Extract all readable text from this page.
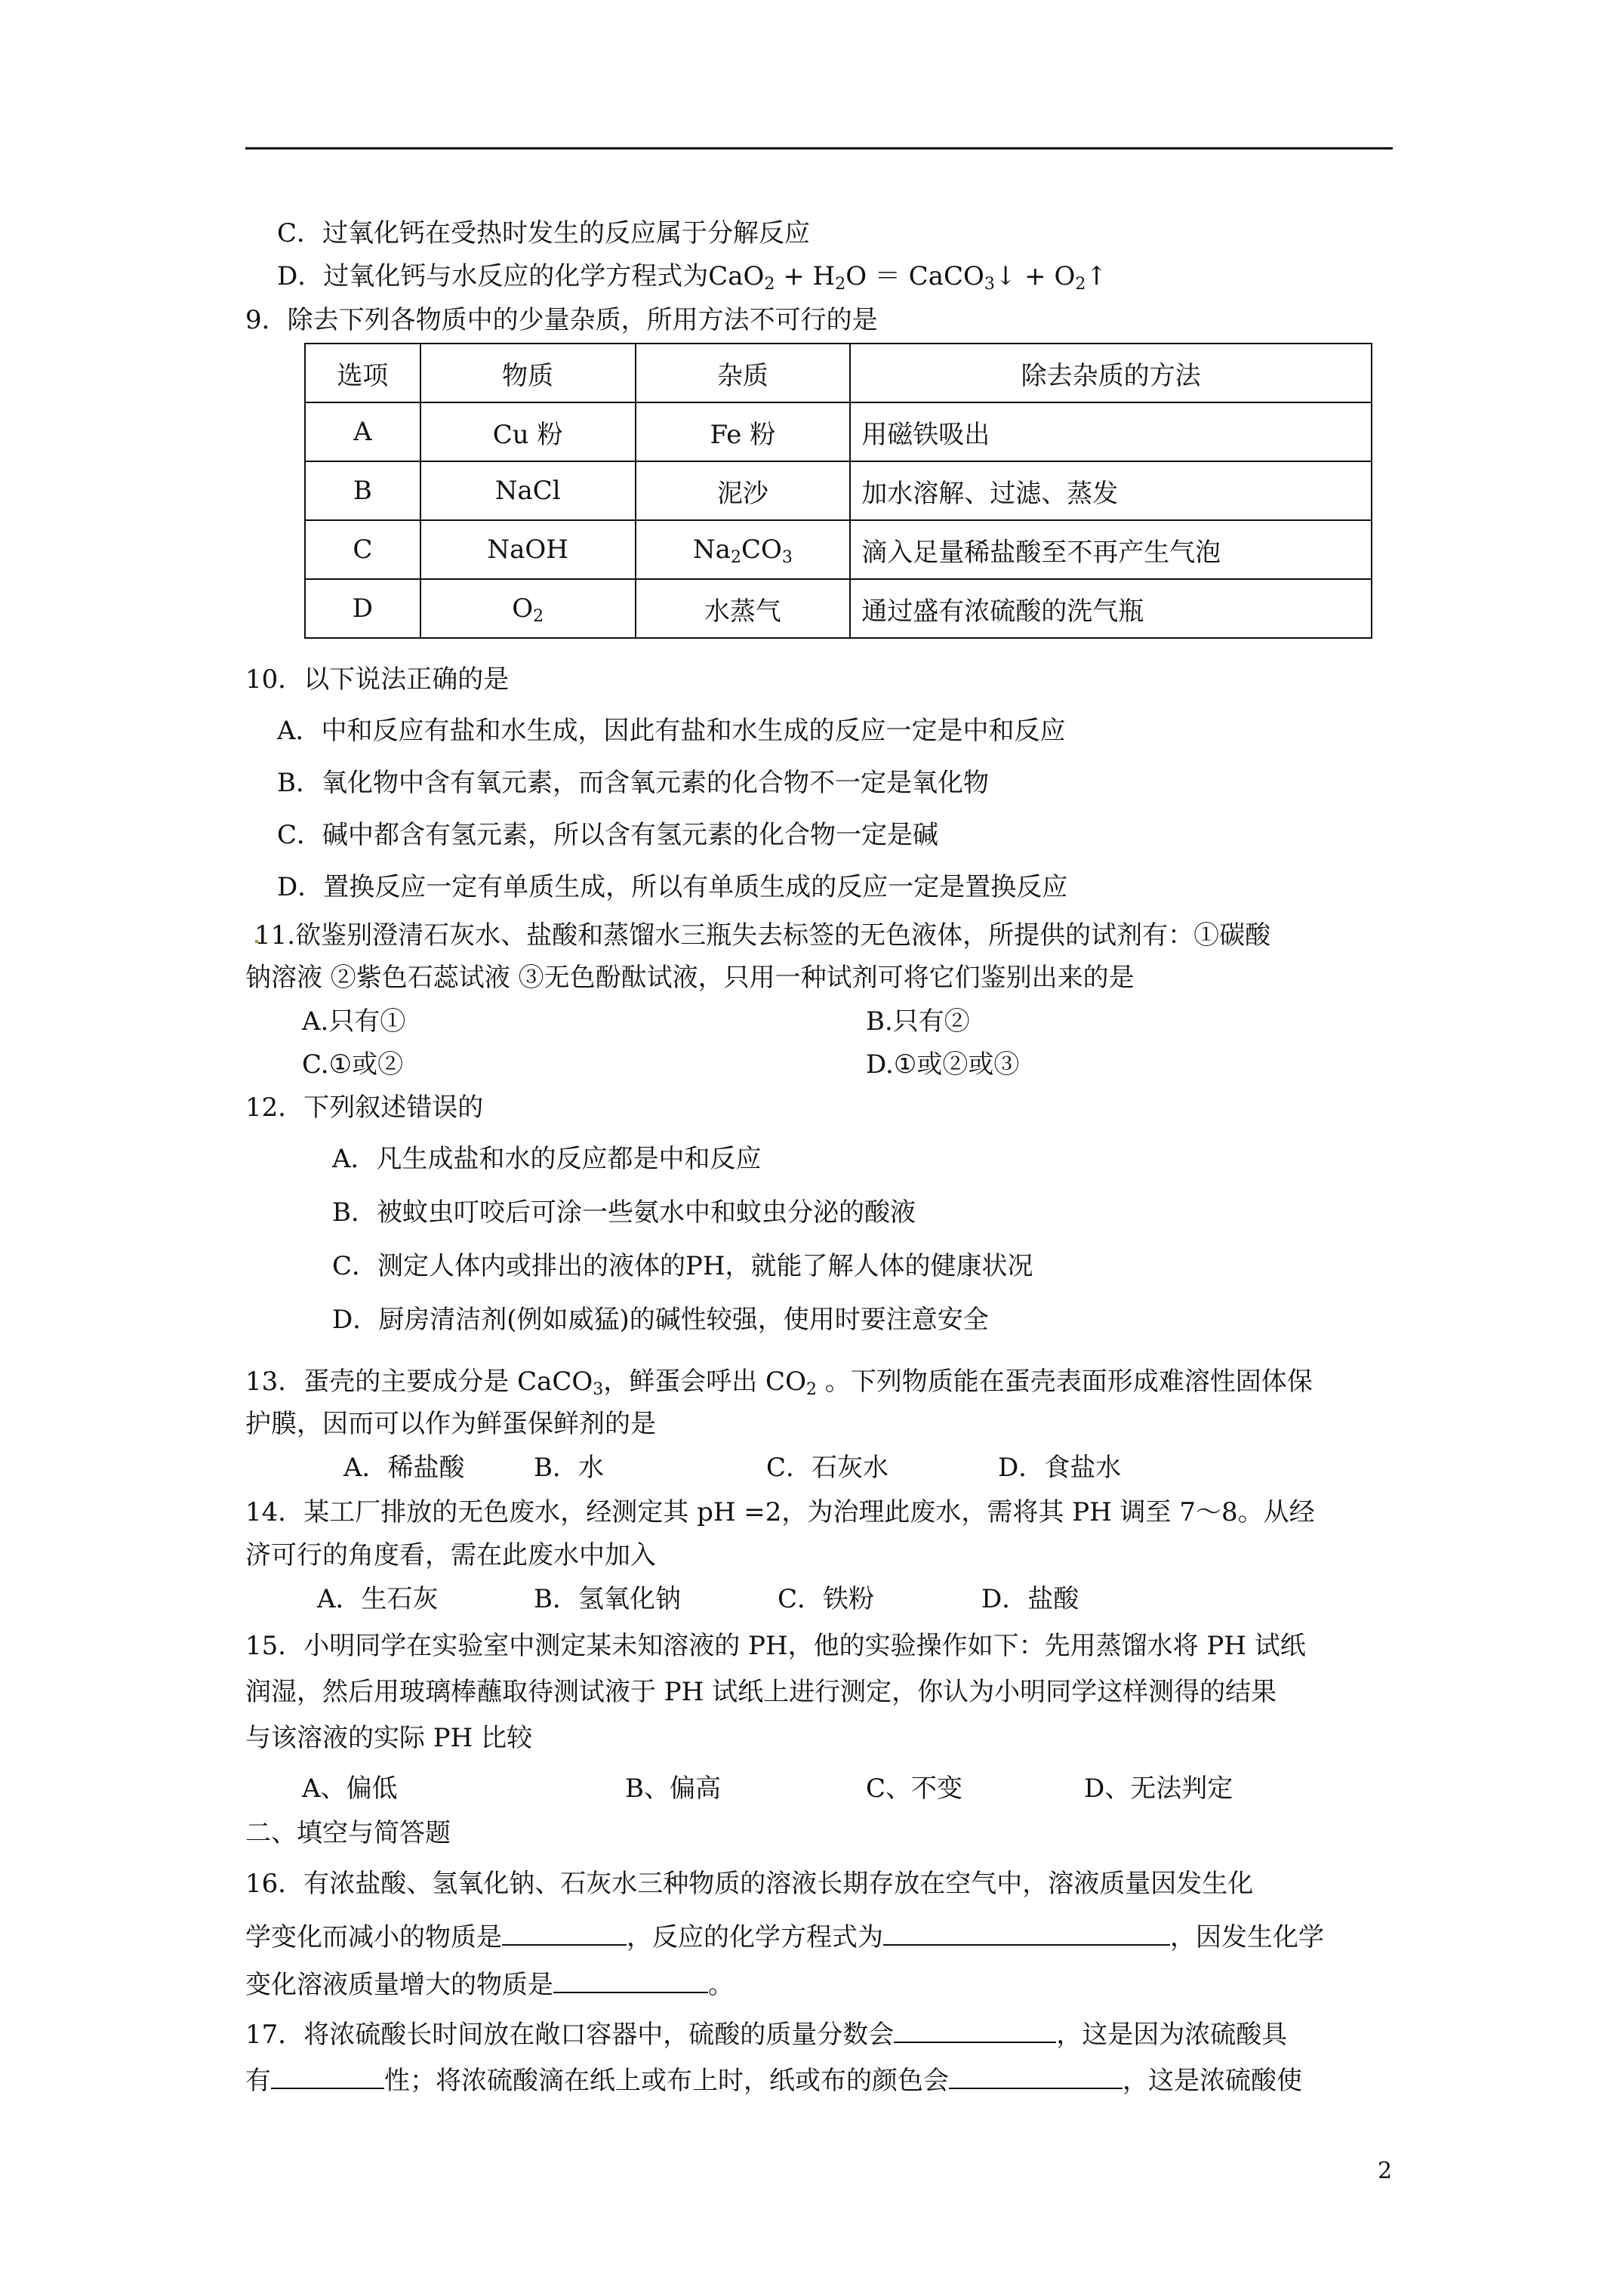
C．过氧化钙在受热时发生的反应属于分解反应
D．过氧化钙与水反应的化学方程式为$CaO_2 + H_2O$ ＝ CaCO$_3$↓ + $O_2↑$
9．除去下列各物质中的少量杂质，所用方法不可行的是
选项	物质	杂质	除去杂质的方法
A	Cu 粉	Fe 粉	用磁铁吸出
B	NaCl	泥沙	加水溶解、过滤、蒸发
C	NaOH	$Na_2CO_3$	滴入足量稀盐酸至不再产生气泡
D	$O_2$	水蒸气	通过盛有浓硫酸的洗气瓶
10．以下说法正确的是
A．中和反应有盐和水生成，因此有盐和水生成的反应一定是中和反应
B．氧化物中含有氧元素，而含氧元素的化合物不一定是氧化物
C．碱中都含有氢元素，所以含有氢元素的化合物一定是碱
D．置换反应一定有单质生成，所以有单质生成的反应一定是置换反应
11.欲鉴别澄清石灰水、盐酸和蒸馏水三瓶失去标签的无色液体，所提供的试剂有：①碳酸
钠溶液 ②紫色石蕊试液 ③无色酚酞试液，只用一种试剂可将它们鉴别出来的是
A.只有①	B.只有②
C.①或②	D.①或②或③
12．下列叙述错误的
A．凡生成盐和水的反应都是中和反应
B．被蚊虫叮咬后可涂一些氨水中和蚊虫分泌的酸液
C．测定人体内或排出的液体的PH，就能了解人体的健康状况
D．厨房清洁剂(例如威猛)的碱性较强，使用时要注意安全
13．蛋壳的主要成分是 CaCO$_3$，鲜蛋会呼出 $CO_2$ 。下列物质能在蛋壳表面形成难溶性固体保
护膜，因而可以作为鲜蛋保鲜剂的是
A．稀盐酸	B．水	C．石灰水	D．食盐水
14．某工厂排放的无色废水，经测定其 pH =2，为治理此废水，需将其 PH 调至 7～8。从经
济可行的角度看，需在此废水中加入
A．生石灰	B．氢氧化钠	C．铁粉	D．盐酸
15．小明同学在实验室中测定某未知溶液的 PH，他的实验操作如下：先用蒸馏水将 PH 试纸
润湿，然后用玻璃棒蘸取待测试液于 PH 试纸上进行测定，你认为小明同学这样测得的结果
与该溶液的实际 PH 比较
A、偏低	B、偏高	C、不变	D、无法判定
二、填空与简答题
16．有浓盐酸、氢氧化钠、石灰水三种物质的溶液长期存放在空气中，溶液质量因发生化
学变化而减小的物质是	，反应的化学方程式为	，因发生化学
变化溶液质量增大的物质是	。
17．将浓硫酸长时间放在敞口容器中，硫酸的质量分数会	，这是因为浓硫酸具
有	性；将浓硫酸滴在纸上或布上时，纸或布的颜色会	，这是浓硫酸使
2
